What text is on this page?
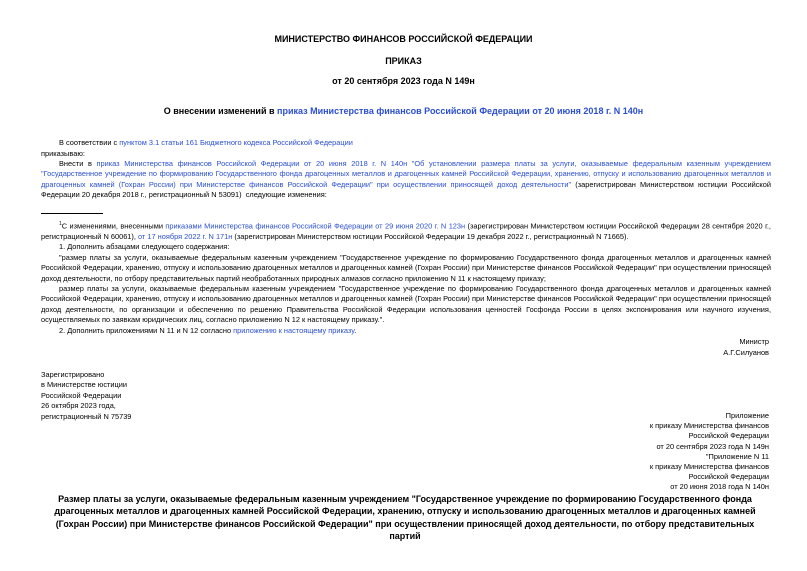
МИНИСТЕРСТВО ФИНАНСОВ РОССИЙСКОЙ ФЕДЕРАЦИИ
ПРИКАЗ
от 20 сентября 2023 года N 149н
О внесении изменений в приказ Министерства финансов Российской Федерации от 20 июня 2018 г. N 140н
В соответствии с пунктом 3.1 статьи 161 Бюджетного кодекса Российской Федерации
приказываю:
Внести в приказ Министерства финансов Российской Федерации от 20 июня 2018 г. N 140н "Об установлении размера платы за услуги, оказываемые федеральным казенным учреждением "Государственное учреждение по формированию Государственного фонда драгоценных металлов и драгоценных камней Российской Федерации, хранению, отпуску и использованию драгоценных металлов и драгоценных камней (Гохран России) при Министерстве финансов Российской Федерации" при осуществлении приносящей доход деятельности" (зарегистрирован Министерством юстиции Российской Федерации 20 декабря 2018 г., регистрационный N 53091) следующие изменения:
$^1$С изменениями, внесенными приказами Министерства финансов Российской Федерации от 29 июня 2020 г. N 123н (зарегистрирован Министерством юстиции Российской Федерации 28 сентября 2020 г., регистрационный N 60061), от 17 ноября 2022 г. N 171н (зарегистрирован Министерством юстиции Российской Федерации 19 декабря 2022 г., регистрационный N 71665).
1. Дополнить абзацами следующего содержания:
"размер платы за услуги, оказываемые федеральным казенным учреждением "Государственное учреждение по формированию Государственного фонда драгоценных металлов и драгоценных камней Российской Федерации, хранению, отпуску и использованию драгоценных металлов и драгоценных камней (Гохран России) при Министерстве финансов Российской Федерации" при осуществлении приносящей доход деятельности, по отбору представительных партий необработанных природных алмазов согласно приложению N 11 к настоящему приказу;
размер платы за услуги, оказываемые федеральным казенным учреждением "Государственное учреждение по формированию Государственного фонда драгоценных металлов и драгоценных камней Российской Федерации, хранению, отпуску и использованию драгоценных металлов и драгоценных камней (Гохран России) при Министерстве финансов Российской Федерации" при осуществлении приносящей доход деятельности, по организации и обеспечению по решению Правительства Российской Федерации использования ценностей Госфонда России в целях экспонирования или научного изучения, осуществляемых по заявкам юридических лиц, согласно приложению N 12 к настоящему приказу.".
2. Дополнить приложениями N 11 и N 12 согласно приложению к настоящему приказу.
Министр
А.Г.Силуанов
Зарегистрировано
в Министерстве юстиции
Российской Федерации
26 октября 2023 года,
регистрационный N 75739	Приложение
к приказу Министерства финансов
Российской Федерации
от 20 сентября 2023 года N 149н
"Приложение N 11
к приказу Министерства финансов
Российской Федерации
от 20 июня 2018 года N 140н
Размер платы за услуги, оказываемые федеральным казенным учреждением "Государственное учреждение по формированию Государственного фонда драгоценных металлов и драгоценных камней Российской Федерации, хранению, отпуску и использованию драгоценных металлов и драгоценных камней (Гохран России) при Министерстве финансов Российской Федерации" при осуществлении приносящей доход деятельности, по отбору представительных партий
